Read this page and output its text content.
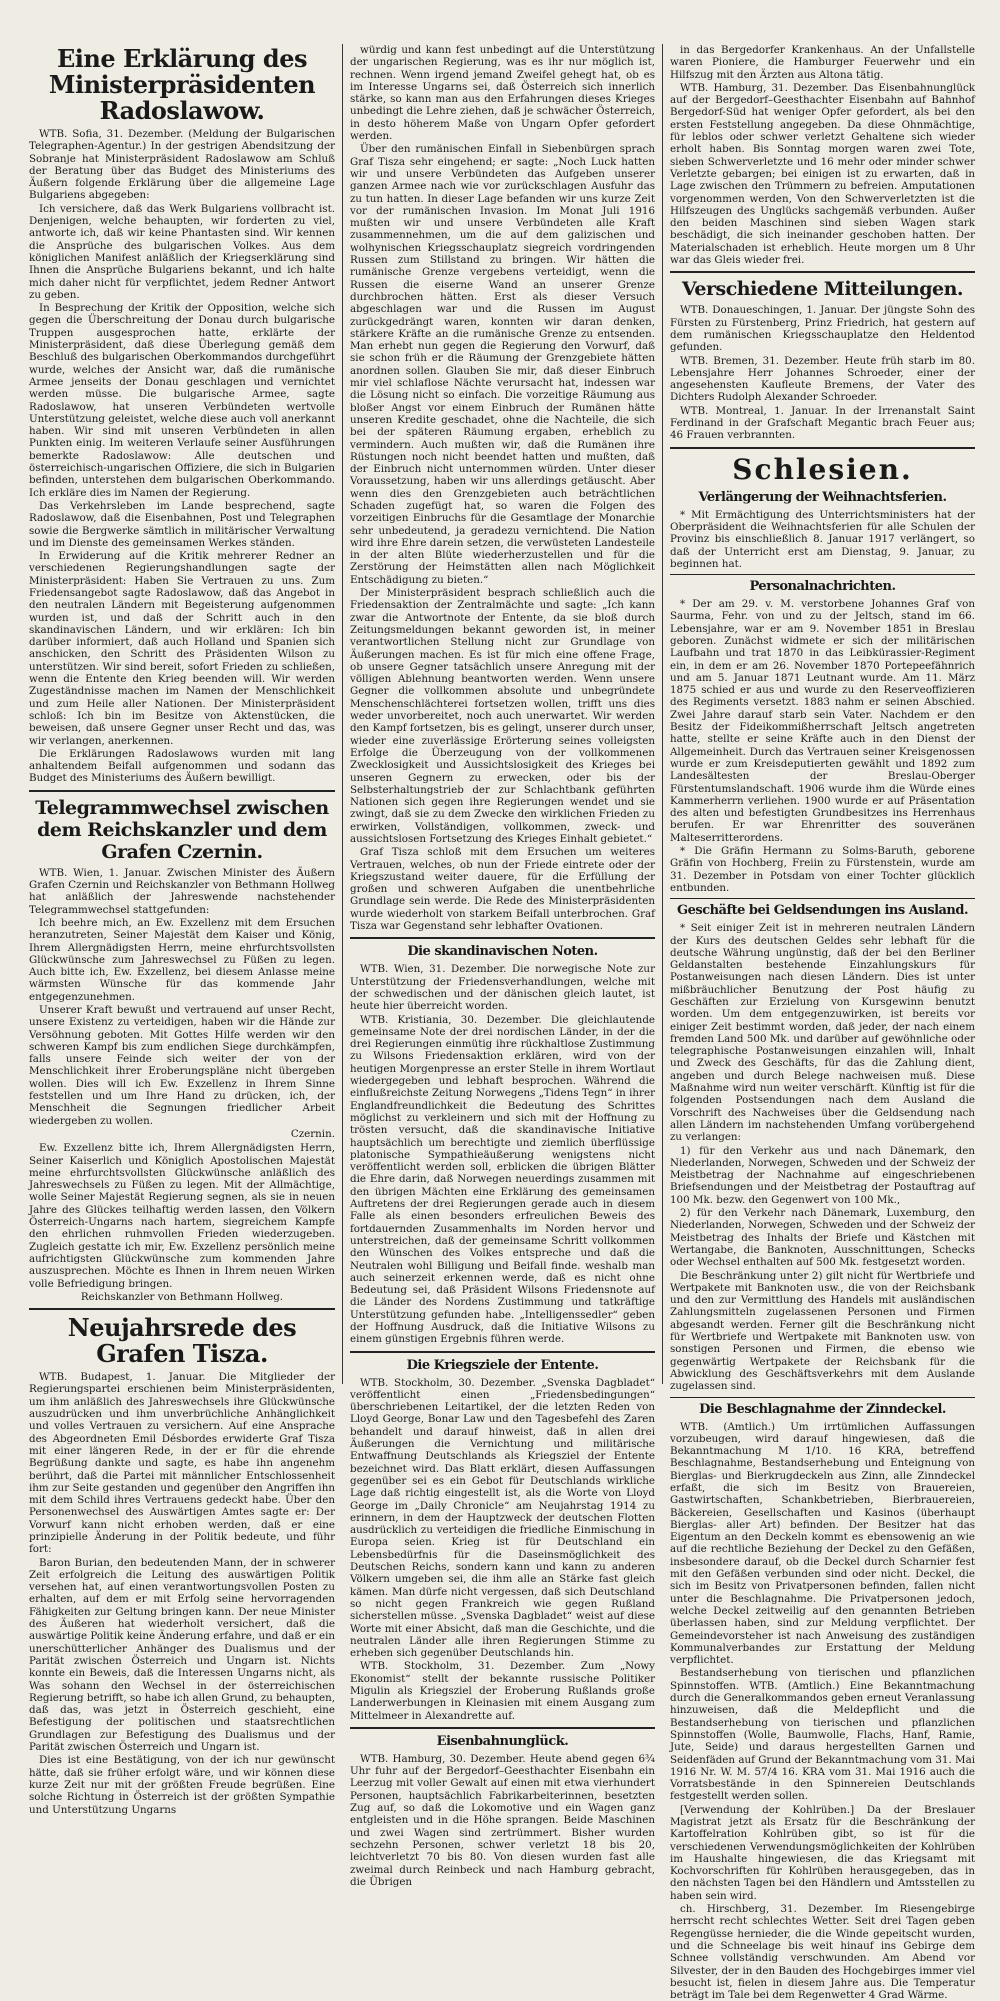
Eine Erklärung des Ministerpräsidenten Radoslawow.

WTB. Sofia, 31. Dezember. (Meldung der Bulgarischen Telegraphen-Agentur.) In der gestrigen Abendsitzung der Sobranje hat Ministerpräsident Radoslawow am Schluß der Beratung über das Budget des Ministeriums des Äußern folgende Erklärung über die allgemeine Lage Bulgariens abgegeben:

Ich versichere, daß das Werk Bulgariens vollbracht ist. Denjenigen, welche behaupten, wir forderten zu viel, antworte ich, daß wir keine Phantasten sind. Wir kennen die Ansprüche des bulgarischen Volkes. Aus dem königlichen Manifest anläßlich der Kriegserklärung sind Ihnen die Ansprüche Bulgariens bekannt, und ich halte mich daher nicht für verpflichtet, jedem Redner Antwort zu geben.

In Besprechung der Kritik der Opposition, welche sich gegen die Überschreitung der Donau durch bulgarische Truppen ausgesprochen hatte, erklärte der Ministerpräsident, daß diese Überlegung gemäß dem Beschluß des bulgarischen Oberkommandos durchgeführt wurde, welches der Ansicht war, daß die rumänische Armee jenseits der Donau geschlagen und vernichtet werden müsse. Die bulgarische Armee, sagte Radoslawow, hat unseren Verbündeten wertvolle Unterstützung geleistet, welche diese auch voll anerkannt haben. Wir sind mit unseren Verbündeten in allen Punkten einig. Im weiteren Verlaufe seiner Ausführungen bemerkte Radoslawow: Alle deutschen und österreichisch-ungarischen Offiziere, die sich in Bulgarien befinden, unterstehen dem bulgarischen Oberkommando. Ich erkläre dies im Namen der Regierung.

Das Verkehrsleben im Lande besprechend, sagte Radoslawow, daß die Eisenbahnen, Post und Telegraphen sowie die Bergwerke sämtlich in militärischer Verwaltung und im Dienste des gemeinsamen Werkes ständen.

In Erwiderung auf die Kritik mehrerer Redner an verschiedenen Regierungshandlungen sagte der Ministerpräsident: Haben Sie Vertrauen zu uns. Zum Friedensangebot sagte Radoslawow, daß das Angebot in den neutralen Ländern mit Begeisterung aufgenommen wurden ist, und daß der Schritt auch in den skandinavischen Ländern, und wir erklären: Ich bin darüber informiert, daß auch Holland und Spanien sich anschicken, den Schritt des Präsidenten Wilson zu unterstützen. Wir sind bereit, sofort Frieden zu schließen, wenn die Entente den Krieg beenden will. Wir werden Zugeständnisse machen im Namen der Menschlichkeit und zum Heile aller Nationen. Der Ministerpräsident schloß: Ich bin im Besitze von Aktenstücken, die beweisen, daß unsere Gegner unser Recht und das, was wir verlangen, anerkennen.

Die Erklärungen Radoslawows wurden mit lang anhaltendem Beifall aufgenommen und sodann das Budget des Ministeriums des Äußern bewilligt.

Telegrammwechsel zwischen dem Reichskanzler und dem Grafen Czernin.

WTB. Wien, 1. Januar. Zwischen Minister des Äußern Grafen Czernin und Reichskanzler von Bethmann Hollweg hat anläßlich der Jahreswende nachstehender Telegrammwechsel stattgefunden:

Ich beehre mich, an Ew. Exzellenz mit dem Ersuchen heranzutreten, Seiner Majestät dem Kaiser und König, Ihrem Allergnädigsten Herrn, meine ehrfurchtsvollsten Glückwünsche zum Jahreswechsel zu Füßen zu legen. Auch bitte ich, Ew. Exzellenz, bei diesem Anlasse meine wärmsten Wünsche für das kommende Jahr entgegenzunehmen.

Unserer Kraft bewußt und vertrauend auf unser Recht, unsere Existenz zu verteidigen, haben wir die Hände zur Versöhnung geboten. Mit Gottes Hilfe werden wir den schweren Kampf bis zum endlichen Siege durchkämpfen, falls unsere Feinde sich weiter der von der Menschlichkeit ihrer Eroberungspläne nicht übergeben wollen. Dies will ich Ew. Exzellenz in Ihrem Sinne feststellen und um Ihre Hand zu drücken, ich, der Menschheit die Segnungen friedlicher Arbeit wiedergeben zu wollen.

Czernin.

Ew. Exzellenz bitte ich, Ihrem Allergnädigsten Herrn, Seiner Kaiserlich und Königlich Apostolischen Majestät meine ehrfurchtsvollsten Glückwünsche anläßlich des Jahreswechsels zu Füßen zu legen. Mit der Allmächtige, wolle Seiner Majestät Regierung segnen, als sie in neuen Jahre des Glückes teilhaftig werden lassen, den Völkern Österreich-Ungarns nach hartem, siegreichem Kampfe den ehrlichen ruhmvollen Frieden wiederzugeben. Zugleich gestatte ich mir, Ew. Exzellenz persönlich meine aufrichtigsten Glückwünsche zum kommenden Jahre auszusprechen. Möchte es Ihnen in Ihrem neuen Wirken volle Befriedigung bringen.

Reichskanzler von Bethmann Hollweg.
Neujahrsrede des Grafen Tisza.

WTB. Budapest, 1. Januar. Die Mitglieder der Regierungspartei erschienen beim Ministerpräsidenten, um ihm anläßlich des Jahreswechsels ihre Glückwünsche auszudrücken und ihm unverbrüchliche Anhänglichkeit und volles Vertrauen zu versichern. Auf eine Ansprache des Abgeordneten Emil Désbordes erwiderte Graf Tisza mit einer längeren Rede, in der er für die ehrende Begrüßung dankte und sagte, es habe ihn angenehm berührt, daß die Partei mit männlicher Entschlossenheit ihm zur Seite gestanden und gegenüber den Angriffen ihn mit dem Schild ihres Vertrauens gedeckt habe. Über den Personenwechsel des Auswärtigen Amtes sagte er: Der Vorwurf kann nicht erhoben werden, daß er eine prinzipielle Änderung in der Politik bedeute, und führ fort:

Baron Burian, den bedeutenden Mann, der in schwerer Zeit erfolgreich die Leitung des auswärtigen Politik versehen hat, auf einen verantwortungsvollen Posten zu erhalten, auf dem er mit Erfolg seine hervorragenden Fähigkeiten zur Geltung bringen kann. Der neue Minister des Äußeren hat wiederholt versichert, daß die auswärtige Politik keine Änderung erfahre, und daß er ein unerschütterlicher Anhänger des Dualismus und der Parität zwischen Österreich und Ungarn ist. Nichts konnte ein Beweis, daß die Interessen Ungarns nicht, als Was sohann den Wechsel in der österreichischen Regierung betrifft, so habe ich allen Grund, zu behaupten, daß das, was jetzt in Österreich geschieht, eine Befestigung der politischen und staatsrechtlichen Grundlagen zur Befestigung des Dualismus und der Parität zwischen Österreich und Ungarn ist.

Dies ist eine Bestätigung, von der ich nur gewünscht hätte, daß sie früher erfolgt wäre, und wir können diese kurze Zeit nur mit der größten Freude begrüßen. Eine solche Richtung in Österreich ist der größten Sympathie und Unterstützung Ungarns

würdig und kann fest unbedingt auf die Unterstützung der ungarischen Regierung, was es ihr nur möglich ist, rechnen. Wenn irgend jemand Zweifel gehegt hat, ob es im Interesse Ungarns sei, daß Österreich sich innerlich stärke, so kann man aus den Erfahrungen dieses Krieges unbedingt die Lehre ziehen, daß je schwächer Österreich, in desto höherem Maße von Ungarn Opfer gefordert werden.

Über den rumänischen Einfall in Siebenbürgen sprach Graf Tisza sehr eingehend; er sagte: „Noch Luck hatten wir und unsere Verbündeten das Aufgeben unserer ganzen Armee nach wie vor zurückschlagen Ausfuhr das zu tun hatten. In dieser Lage befanden wir uns kurze Zeit vor der rumänischen Invasion. Im Monat Juli 1916 mußten wir und unsere Verbündeten alle Kraft zusammennehmen, um die auf dem galizischen und wolhynischen Kriegsschauplatz siegreich vordringenden Russen zum Stillstand zu bringen. Wir hätten die rumänische Grenze vergebens verteidigt, wenn die Russen die eiserne Wand an unserer Grenze durchbrochen hätten. Erst als dieser Versuch abgeschlagen war und die Russen im August zurückgedrängt waren, konnten wir daran denken, stärkere Kräfte an die rumänische Grenze zu entsenden. Man erhebt nun gegen die Regierung den Vorwurf, daß sie schon früh er die Räumung der Grenzgebiete hätten anordnen sollen. Glauben Sie mir, daß dieser Einbruch mir viel schlaflose Nächte verursacht hat, indessen war die Lösung nicht so einfach. Die vorzeitige Räumung aus bloßer Angst vor einem Einbruch der Rumänen hätte unseren Kredite geschadet, ohne die Nachteile, die sich bei der späteren Räumung ergaben, erheblich zu vermindern. Auch mußten wir, daß die Rumänen ihre Rüstungen noch nicht beendet hatten und mußten, daß der Einbruch nicht unternommen würden. Unter dieser Voraussetzung, haben wir uns allerdings getäuscht. Aber wenn dies den Grenzgebieten auch beträchtlichen Schaden zugefügt hat, so waren die Folgen des vorzeitigen Einbruchs für die Gesamtlage der Monarchie sehr unbedeutend, ja geradezu vernichtend. Die Nation wird ihre Ehre darein setzen, die verwüsteten Landesteile in der alten Blüte wiederherzustellen und für die Zerstörung der Heimstätten allen nach Möglichkeit Entschädigung zu bieten.“

Der Ministerpräsident besprach schließlich auch die Friedensaktion der Zentralmächte und sagte: „Ich kann zwar die Antwortnote der Entente, da sie bloß durch Zeitungsmeldungen bekannt geworden ist, in meiner verantwortlichen Stellung nicht zur Grundlage von Äußerungen machen. Es ist für mich eine offene Frage, ob unsere Gegner tatsächlich unsere Anregung mit der völligen Ablehnung beantworten werden. Wenn unsere Gegner die vollkommen absolute und unbegründete Menschenschlächterei fortsetzen wollen, trifft uns dies weder unvorbereitet, noch auch unerwartet. Wir werden den Kampf fortsetzen, bis es gelingt, unserer durch unser, wieder eine zuverlässige Erörterung seines volleigsten Erfolge die Überzeugung von der vollkommenen Zwecklosigkeit und Aussichtslosigkeit des Krieges bei unseren Gegnern zu erwecken, oder bis der Selbsterhaltungstrieb der zur Schlachtbank geführten Nationen sich gegen ihre Regierungen wendet und sie zwingt, daß sie zu dem Zwecke den wirklichen Frieden zu erwirken, Vollständigen, vollkommen, zweck- und aussichtslosen Fortsetzung des Krieges Einhalt gebietet.“

Graf Tisza schloß mit dem Ersuchen um weiteres Vertrauen, welches, ob nun der Friede eintrete oder der Kriegszustand weiter dauere, für die Erfüllung der großen und schweren Aufgaben die unentbehrliche Grundlage sein werde. Die Rede des Ministerpräsidenten wurde wiederholt von starkem Beifall unterbrochen. Graf Tisza war Gegenstand sehr lebhafter Ovationen.

Die skandinavischen Noten.

WTB. Wien, 31. Dezember. Die norwegische Note zur Unterstützung der Friedensverhandlungen, welche mit der schwedischen und der dänischen gleich lautet, ist heute hier überreicht worden.

WTB. Kristiania, 30. Dezember. Die gleichlautende gemeinsame Note der drei nordischen Länder, in der die drei Regierungen einmütig ihre rückhaltlose Zustimmung zu Wilsons Friedensaktion erklären, wird von der heutigen Morgenpresse an erster Stelle in ihrem Wortlaut wiedergegeben und lebhaft besprochen. Während die einflußreichste Zeitung Norwegens „Tidens Tegn“ in ihrer Englandfreundlichkeit die Bedeutung des Schrittes möglichst zu verkleinern und sich mit der Hoffnung zu trösten versucht, daß die skandinavische Initiative hauptsächlich um berechtigte und ziemlich überflüssige platonische Sympathieäußerung wenigstens nicht veröffentlicht werden soll, erblicken die übrigen Blätter die Ehre darin, daß Norwegen neuerdings zusammen mit den übrigen Mächten eine Erklärung des gemeinsamen Auftretens der drei Regierungen gerade auch in diesem Falle als einen besonders erfreulichen Beweis des fortdauernden Zusammenhalts im Norden hervor und unterstreichen, daß der gemeinsame Schritt vollkommen den Wünschen des Volkes entspreche und daß die Neutralen wohl Billigung und Beifall finde. weshalb man auch seinerzeit erkennen werde, daß es nicht ohne Bedeutung sei, daß Präsident Wilsons Friedensnote auf die Länder des Nordens Zustimmung und tatkräftige Unterstützung gefunden habe. „Intelligenssedler“ geben der Hoffnung Ausdruck, daß die Initiative Wilsons zu einem günstigen Ergebnis führen werde.

Die Kriegsziele der Entente.

WTB. Stockholm, 30. Dezember. „Svenska Dagbladet“ veröffentlicht einen „Friedensbedingungen“ überschriebenen Leitartikel, der die letzten Reden von Lloyd George, Bonar Law und den Tagesbefehl des Zaren behandelt und darauf hinweist, daß in allen drei Äußerungen die Vernichtung und militärische Entwaffnung Deutschlands als Kriegsziel der Entente bezeichnet wird. Das Blatt erklärt, diesen Auffassungen gegenüber sei es ein Gebot für Deutschlands wirkliche Lage daß richtig eingestellt ist, als die Worte von Lloyd George im „Daily Chronicle“ am Neujahrstag 1914 zu erinnern, in dem der Hauptzweck der deutschen Flotten ausdrücklich zu verteidigen die friedliche Einmischung in Europa seien. Krieg ist für Deutschland ein Lebensbedürfnis für die Daseinsmöglichkeit des Deutschen Reichs, sondern kann und kann zu anderen Völkern umgeben sei, die ihm alle an Stärke fast gleich kämen. Man dürfe nicht vergessen, daß sich Deutschland so nicht gegen Frankreich wie gegen Rußland sicherstellen müsse. „Svenska Dagbladet“ weist auf diese Worte mit einer Absicht, daß man die Geschichte, und die neutralen Länder alle ihren Regierungen Stimme zu erheben sich gegenüber Deutschlands hin.

WTB. Stockholm, 31. Dezember. Zum „Nowy Ekonomist“ stellt der bekannte russische Politiker Migulin als Kriegsziel der Eroberung Rußlands große Landerwerbungen in Kleinasien mit einem Ausgang zum Mittelmeer in Alexandrette auf.

Eisenbahnunglück.

WTB. Hamburg, 30. Dezember. Heute abend gegen 6¾ Uhr fuhr auf der Bergedorf–Geesthachter Eisenbahn ein Leerzug mit voller Gewalt auf einen mit etwa vierhundert Personen, hauptsächlich Fabrikarbeiterinnen, besetzten Zug auf, so daß die Lokomotive und ein Wagen ganz entgleisten und in die Höhe sprangen. Beide Maschinen und zwei Wagen sind zertrümmert. Bisher wurden sechzehn Personen, schwer verletzt 18 bis 20, leichtverletzt 70 bis 80. Von diesen wurden fast alle zweimal durch Reinbeck und nach Hamburg gebracht, die Übrigen

in das Bergedorfer Krankenhaus. An der Unfallstelle waren Pioniere, die Hamburger Feuerwehr und ein Hilfszug mit den Ärzten aus Altona tätig.

WTB. Hamburg, 31. Dezember. Das Eisenbahnunglück auf der Bergedorf–Geesthachter Eisenbahn auf Bahnhof Bergedorf-Süd hat weniger Opfer gefordert, als bei den ersten Feststellung angegeben. Da diese Ohnmächtige, für leblos oder schwer verletzt Gehaltene sich wieder erholt haben. Bis Sonntag morgen waren zwei Tote, sieben Schwerverletzte und 16 mehr oder minder schwer Verletzte gebargen; bei einigen ist zu erwarten, daß in Lage zwischen den Trümmern zu befreien. Amputationen vorgenommen werden, Von den Schwerverletzten ist die Hilfszeugen des Unglücks sachgemäß verbunden. Außer den beiden Maschinen sind sieben Wagen stark beschädigt, die sich ineinander geschoben hatten. Der Materialschaden ist erheblich. Heute morgen um 8 Uhr war das Gleis wieder frei.

Verschiedene Mitteilungen.

WTB. Donaueschingen, 1. Januar. Der jüngste Sohn des Fürsten zu Fürstenberg, Prinz Friedrich, hat gestern auf dem rumänischen Kriegsschauplatze den Heldentod gefunden.

WTB. Bremen, 31. Dezember. Heute früh starb im 80. Lebensjahre Herr Johannes Schroeder, einer der angesehensten Kaufleute Bremens, der Vater des Dichters Rudolph Alexander Schroeder.

WTB. Montreal, 1. Januar. In der Irrenanstalt Saint Ferdinand in der Grafschaft Megantic brach Feuer aus; 46 Frauen verbrannten.

Schlesien.
Verlängerung der Weihnachtsferien.

* Mit Ermächtigung des Unterrichtsministers hat der Oberpräsident die Weihnachtsferien für alle Schulen der Provinz bis einschließlich 8. Januar 1917 verlängert, so daß der Unterricht erst am Dienstag, 9. Januar, zu beginnen hat.

Personalnachrichten.

* Der am 29. v. M. verstorbene Johannes Graf von Saurma, Fehr. von und zu der Jeltsch, stand im 66. Lebensjahre, war er am 9. November 1851 in Breslau geboren. Zunächst widmete er sich der militärischen Laufbahn und trat 1870 in das Leibkürassier-Regiment ein, in dem er am 26. November 1870 Portepeefähnrich und am 5. Januar 1871 Leutnant wurde. Am 11. März 1875 schied er aus und wurde zu den Reserveoffizieren des Regiments versetzt. 1883 nahm er seinen Abschied. Zwei Jahre darauf starb sein Vater. Nachdem er den Besitz der Fideikommißherrschaft Jeltsch angetreten hatte, stellte er seine Kräfte auch in den Dienst der Allgemeinheit. Durch das Vertrauen seiner Kreisgenossen wurde er zum Kreisdeputierten gewählt und 1892 zum Landesältesten der Breslau-Oberger Fürstentumslandschaft. 1906 wurde ihm die Würde eines Kammerherrn verliehen. 1900 wurde er auf Präsentation des alten und befestigten Grundbesitzes ins Herrenhaus berufen. Er war Ehrenritter des souveränen Malteserritterordens.

* Die Gräfin Hermann zu Solms-Baruth, geborene Gräfin von Hochberg, Freiin zu Fürstenstein, wurde am 31. Dezember in Potsdam von einer Tochter glücklich entbunden.

Geschäfte bei Geldsendungen ins Ausland.

* Seit einiger Zeit ist in mehreren neutralen Ländern der Kurs des deutschen Geldes sehr lebhaft für die deutsche Währung ungünstig, daß der bei den Berliner Geldanstalten bestehende Einzahlungskurs für Postanweisungen nach diesen Ländern. Dies ist unter mißbräuchlicher Benutzung der Post häufig zu Geschäften zur Erzielung von Kursgewinn benutzt worden. Um dem entgegenzuwirken, ist bereits vor einiger Zeit bestimmt worden, daß jeder, der nach einem fremden Land 500 Mk. und darüber auf gewöhnliche oder telegraphische Postanweisungen einzahlen will, Inhalt und Zweck des Geschäfts, für das die Zahlung dient, angeben und durch Belege nachweisen muß. Diese Maßnahme wird nun weiter verschärft. Künftig ist für die folgenden Postsendungen nach dem Ausland die Vorschrift des Nachweises über die Geldsendung nach allen Ländern im nachstehenden Umfang vorübergehend zu verlangen:

1) für den Verkehr aus und nach Dänemark, den Niederlanden, Norwegen, Schweden und der Schweiz der Meistbetrag der Nachnahme auf eingeschriebenen Briefsendungen und der Meistbetrag der Postauftrag auf 100 Mk. bezw. den Gegenwert von 100 Mk.,

2) für den Verkehr nach Dänemark, Luxemburg, den Niederlanden, Norwegen, Schweden und der Schweiz der Meistbetrag des Inhalts der Briefe und Kästchen mit Wertangabe, die Banknoten, Ausschnittungen, Schecks oder Wechsel enthalten auf 500 Mk. festgesetzt worden.

Die Beschränkung unter 2) gilt nicht für Wertbriefe und Wertpakete mit Banknoten usw., die von der Reichsbank und den zur Vermittlung des Handels mit ausländischen Zahlungsmitteln zugelassenen Personen und Firmen abgesandt werden. Ferner gilt die Beschränkung nicht für Wertbriefe und Wertpakete mit Banknoten usw. von sonstigen Personen und Firmen, die ebenso wie gegenwärtig Wertpakete der Reichsbank für die Abwicklung des Geschäftsverkehrs mit dem Auslande zugelassen sind.

Die Beschlagnahme der Zinndeckel.

WTB. (Amtlich.) Um irrtümlichen Auffassungen vorzubeugen, wird darauf hingewiesen, daß die Bekanntmachung M 1/10. 16 KRA, betreffend Beschlagnahme, Bestandserhebung und Enteignung von Bierglas- und Bierkrugdeckeln aus Zinn, alle Zinndeckel erfaßt, die sich im Besitz von Brauereien, Gastwirtschaften, Schankbetrieben, Bierbrauereien, Bäckereien, Gesellschaften und Kasinos (überhaupt Bierglas- aller Art) befinden. Der Besitzer hat das Eigentum an den Deckeln kommt es ebensowenig an wie auf die rechtliche Beziehung der Deckel zu den Gefäßen, insbesondere darauf, ob die Deckel durch Scharnier fest mit den Gefäßen verbunden sind oder nicht. Deckel, die sich im Besitz von Privatpersonen befinden, fallen nicht unter die Beschlagnahme. Die Privatpersonen jedoch, welche Deckel zeitweilig auf den genannten Betrieben überlassen haben, sind zur Meldung verpflichtet. Der Gemeindevorsteher ist nach Anweisung des zuständigen Kommunalverbandes zur Erstattung der Meldung verpflichtet.

Bestandserhebung von tierischen und pflanzlichen Spinnstoffen. WTB. (Amtlich.) Eine Bekanntmachung durch die Generalkommandos geben erneut Veranlassung hinzuweisen, daß die Meldepflicht und die Bestandserhebung von tierischen und pflanzlichen Spinnstoffen (Wolle, Baumwolle, Flachs, Hanf, Ramie, Jute, Seide) und daraus hergestellten Garnen und Seidenfäden auf Grund der Bekanntmachung vom 31. Mai 1916 Nr. W. M. 57/4 16. KRA vom 31. Mai 1916 auch die Vorratsbestände in den Spinnereien Deutschlands festgestellt werden sollen.

[Verwendung der Kohlrüben.] Da der Breslauer Magistrat jetzt als Ersatz für die Beschränkung der Kartoffelration Kohlrüben gibt, so ist für die verschiedenen Verwendungsmöglichkeiten der Kohlrüben im Haushalte hingewiesen, die das Kriegsamt mit Kochvorschriften für Kohlrüben herausgegeben, das in den nächsten Tagen bei den Händlern und Amtsstellen zu haben sein wird.

ch. Hirschberg, 31. Dezember. Im Riesengebirge herrscht recht schlechtes Wetter. Seit drei Tagen geben Regengüsse hernieder, die die Winde gepeitscht wurden, und die Schneelage bis weit hinauf ins Gebirge dem Schnee vollständig verschwunden. Am Abend vor Silvester, der in den Bauden des Hochgebirges immer viel besucht ist, fielen in diesem Jahre aus. Die Temperatur beträgt im Tale bei dem Regenwetter 4 Grad Wärme.
